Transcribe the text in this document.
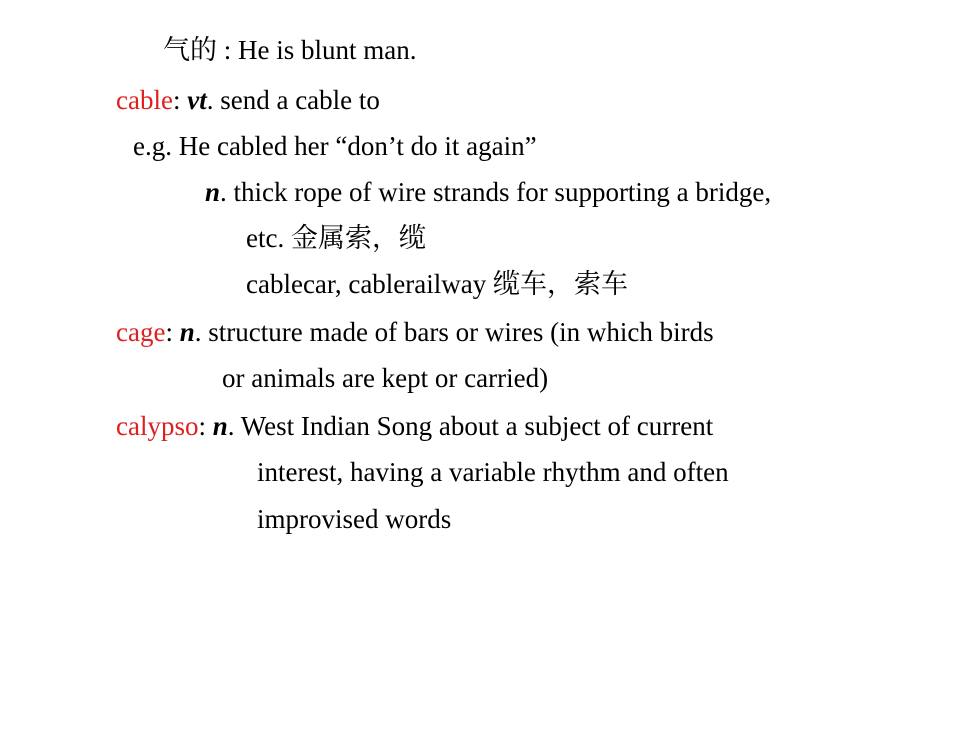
气的 : He is blunt man.
cable: vt. send a cable to
e.g. He cabled her “don’t do it again”
n. thick rope of wire strands for supporting a bridge,
etc. 金属索，缆
cablecar, cablerailway 缆车，索车
cage: n. structure made of bars or wires (in which birds
or animals are kept or carried)
calypso: n. West Indian Song about a subject of current
interest, having a variable rhythm and often
improvised words
